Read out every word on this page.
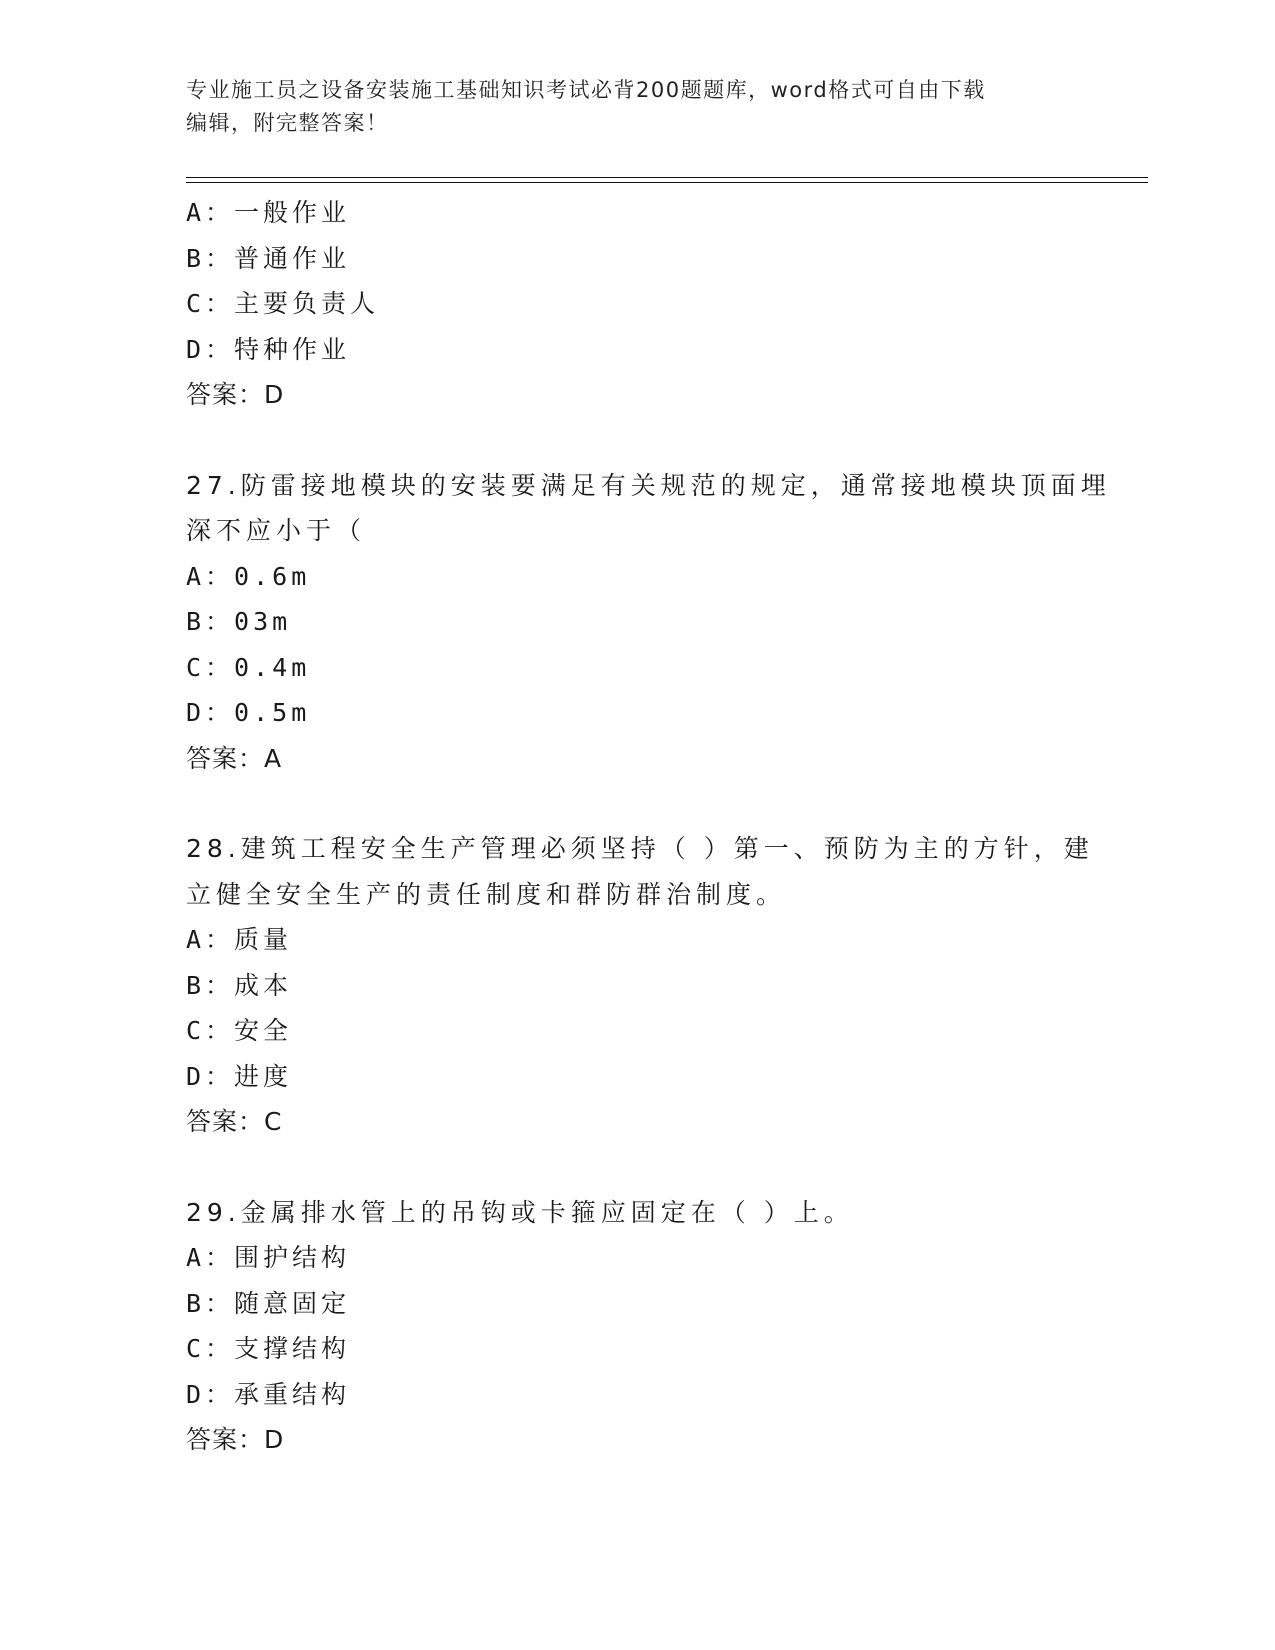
专业施工员之设备安装施工基础知识考试必背200题题库，word格式可自由下载
编辑，附完整答案！
A：一般作业
B：普通作业
C：主要负责人
D：特种作业
答案：D
27.防雷接地模块的安装要满足有关规范的规定，通常接地模块顶面埋
深不应小于（
A：0.6m
B：03m
C：0.4m
D：0.5m
答案：A
28.建筑工程安全生产管理必须坚持（ ）第一、预防为主的方针，建
立健全安全生产的责任制度和群防群治制度。
A：质量
B：成本
C：安全
D：进度
答案：C
29.金属排水管上的吊钩或卡箍应固定在（ ）上。
A：围护结构
B：随意固定
C：支撑结构
D：承重结构
答案：D
